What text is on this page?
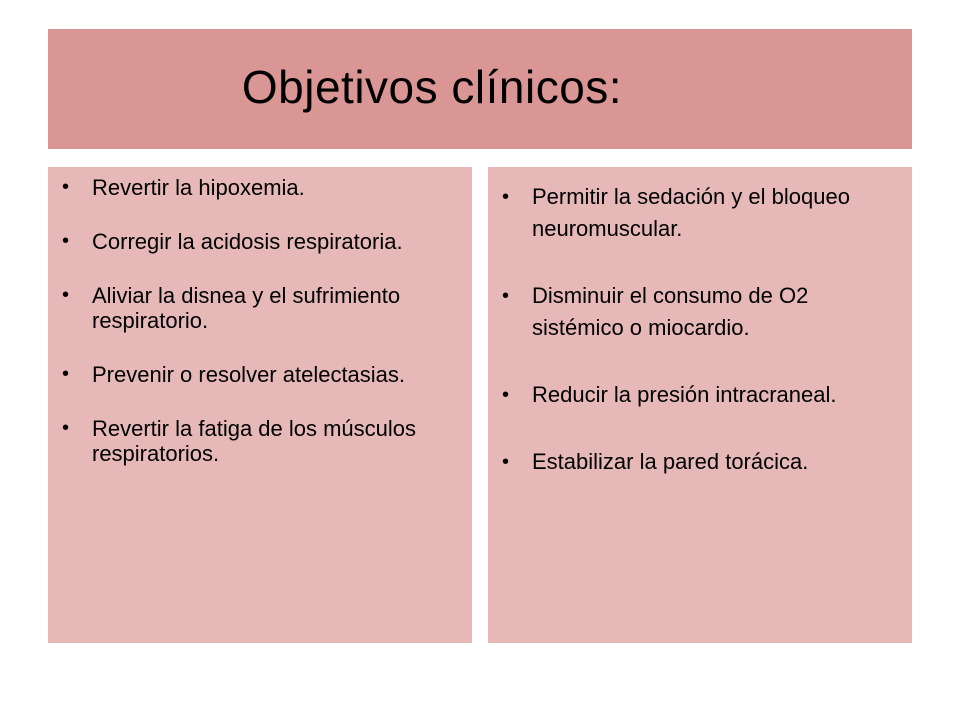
Objetivos clínicos:
• Revertir la hipoxemia.
• Corregir la acidosis respiratoria.
• Aliviar la disnea y el sufrimiento respiratorio.
• Prevenir o resolver atelectasias.
• Revertir la fatiga de los músculos respiratorios.
• Permitir la sedación y el bloqueo neuromuscular.
• Disminuir el consumo de O2 sistémico o miocardio.
• Reducir la presión intracraneal.
• Estabilizar la pared torácica.
